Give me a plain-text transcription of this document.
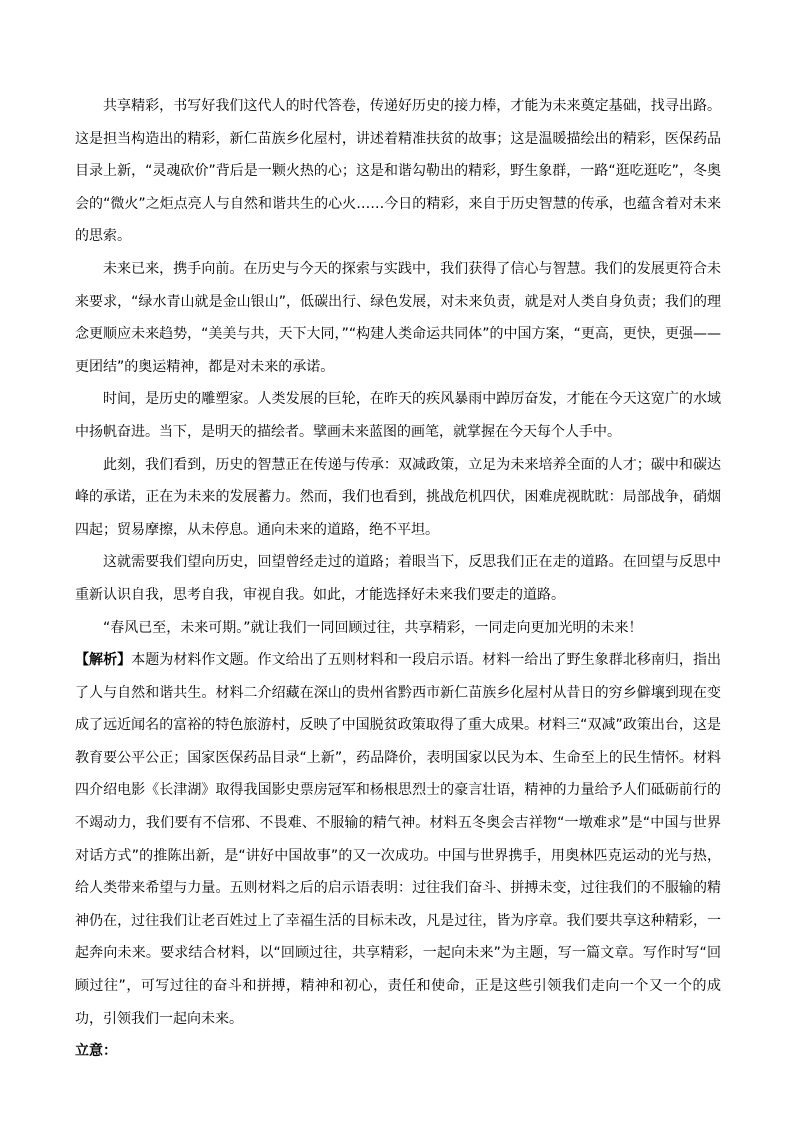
共享精彩，书写好我们这代人的时代答卷，传递好历史的接力棒，才能为未来奠定基础，找寻出路。这是担当构造出的精彩，新仁苗族乡化屋村，讲述着精准扶贫的故事；这是温暖描绘出的精彩，医保药品目录上新，“灵魂砍价”背后是一颗火热的心；这是和谐勾勒出的精彩，野生象群，一路“逛吃逛吃”，冬奥会的“微火”之炬点亮人与自然和谐共生的心火……今日的精彩，来自于历史智慧的传承，也蕴含着对未来的思索。

未来已来，携手向前。在历史与今天的探索与实践中，我们获得了信心与智慧。我们的发展更符合未来要求，“绿水青山就是金山银山”，低碳出行、绿色发展，对未来负责，就是对人类自身负责；我们的理念更顺应未来趋势，“美美与共，天下大同，”“构建人类命运共同体”的中国方案，“更高，更快，更强——更团结”的奥运精神，都是对未来的承诺。

时间，是历史的雕塑家。人类发展的巨轮，在昨天的疾风暴雨中踔厉奋发，才能在今天这宽广的水域中扬帆奋进。当下，是明天的描绘者。擘画未来蓝图的画笔，就掌握在今天每个人手中。

此刻，我们看到，历史的智慧正在传递与传承：双减政策，立足为未来培养全面的人才；碳中和碳达峰的承诺，正在为未来的发展蓄力。然而，我们也看到，挑战危机四伏，困难虎视眈眈：局部战争，硝烟四起；贸易摩擦，从未停息。通向未来的道路，绝不平坦。

这就需要我们望向历史，回望曾经走过的道路；着眼当下，反思我们正在走的道路。在回望与反思中重新认识自我，思考自我，审视自我。如此，才能选择好未来我们要走的道路。

“春风已至，未来可期。”就让我们一同回顾过往，共享精彩，一同走向更加光明的未来！

【解析】本题为材料作文题。作文给出了五则材料和一段启示语。材料一给出了野生象群北移南归，指出了人与自然和谐共生。材料二介绍藏在深山的贵州省黔西市新仁苗族乡化屋村从昔日的穷乡僻壤到现在变成了远近闻名的富裕的特色旅游村，反映了中国脱贫政策取得了重大成果。材料三“双减”政策出台，这是教育要公平公正；国家医保药品目录“上新”，药品降价，表明国家以民为本、生命至上的民生情怀。材料四介绍电影《长津湖》取得我国影史票房冠军和杨根思烈士的豪言壮语，精神的力量给予人们砥砺前行的不竭动力，我们要有不信邪、不畏难、不服输的精气神。材料五冬奥会吉祥物“一墩难求”是“中国与世界对话方式”的推陈出新，是“讲好中国故事”的又一次成功。中国与世界携手，用奥林匹克运动的光与热，给人类带来希望与力量。五则材料之后的启示语表明：过往我们奋斗、拼搏未变，过往我们的不服输的精神仍在，过往我们让老百姓过上了幸福生活的目标未改，凡是过往，皆为序章。我们要共享这种精彩，一起奔向未来。要求结合材料，以“回顾过往，共享精彩，一起向未来”为主题，写一篇文章。写作时写“回顾过往”，可写过往的奋斗和拼搏，精神和初心，责任和使命，正是这些引领我们走向一个又一个的成功，引领我们一起向未来。

立意：
